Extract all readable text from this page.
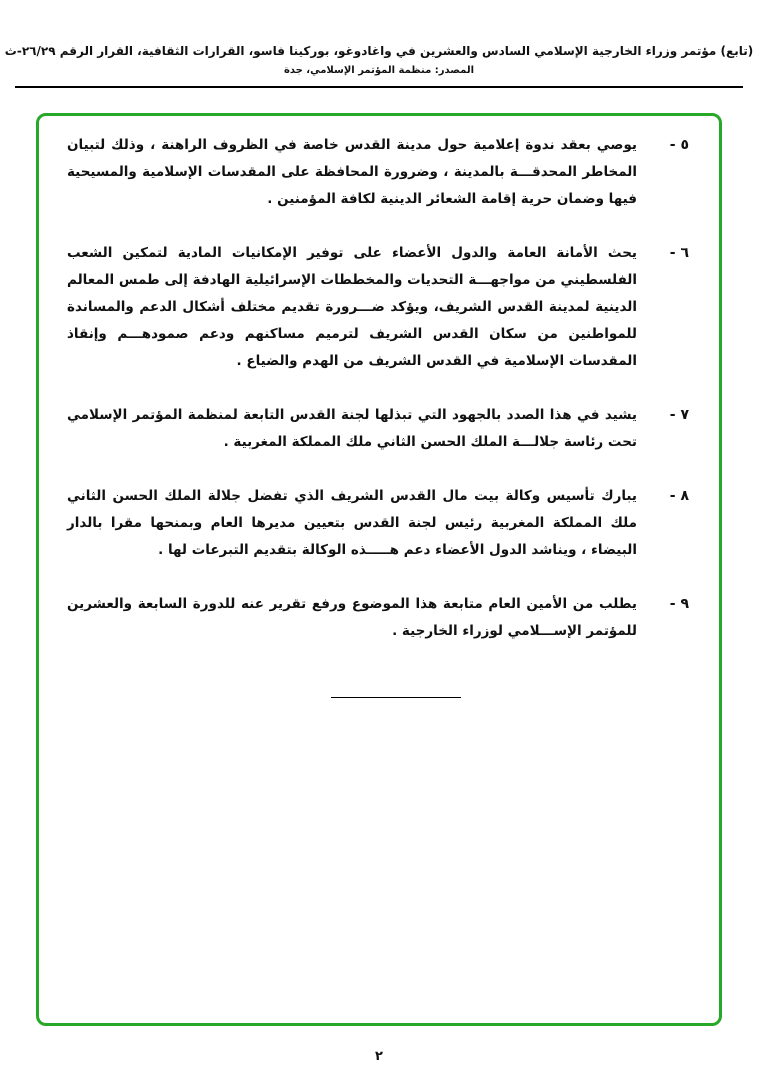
(تابع) مؤتمر وزراء الخارجية الإسلامي السادس والعشرين في واغادوغو، بوركينا فاسو، القرارات الثقافية، القرار الرقم ٢٦/٢٩-ث
المصدر: منظمة المؤتمر الإسلامي، جدة
٥ -
يوصي بعقد ندوة إعلامية حول مدينة القدس خاصة في الظروف الراهنة ، وذلك لتبيان المخاطر المحدقـــة بالمدينة ، وضرورة المحافظة على المقدسات الإسلامية والمسيحية فيها وضمان حرية إقامة الشعائر الدينية لكافة المؤمنين .
٦ -
يحث الأمانة العامة والدول الأعضاء على توفير الإمكانيات المادية لتمكين الشعب الفلسطيني من مواجهـــة التحديات والمخططات الإسرائيلية الهادفة إلى طمس المعالم الدينية لمدينة القدس الشريف، ويؤكد ضـــرورة تقديم مختلف أشكال الدعم والمساندة للمواطنين من سكان القدس الشريف لترميم مساكنهم ودعم صمودهـــم وإنقاذ المقدسات الإسلامية في القدس الشريف من الهدم والضياع .
٧ -
يشيد في هذا الصدد بالجهود التي تبذلها لجنة القدس التابعة لمنظمة المؤتمر الإسلامي تحت رئاسة جلالـــة الملك الحسن الثاني ملك المملكة المغربية .
٨ -
يبارك تأسيس وكالة بيت مال القدس الشريف الذي تفضل جلالة الملك الحسن الثاني ملك المملكة المغربية رئيس لجنة القدس بتعيين مديرها العام وبمنحها مقرا بالدار البيضاء ، ويناشد الدول الأعضاء دعم هـــــذه الوكالة بتقديم التبرعات لها .
٩ -
يطلب من الأمين العام متابعة هذا الموضوع ورفع تقرير عنه للدورة السابعة والعشرين للمؤتمر الإســـلامي لوزراء الخارجية .
٢
